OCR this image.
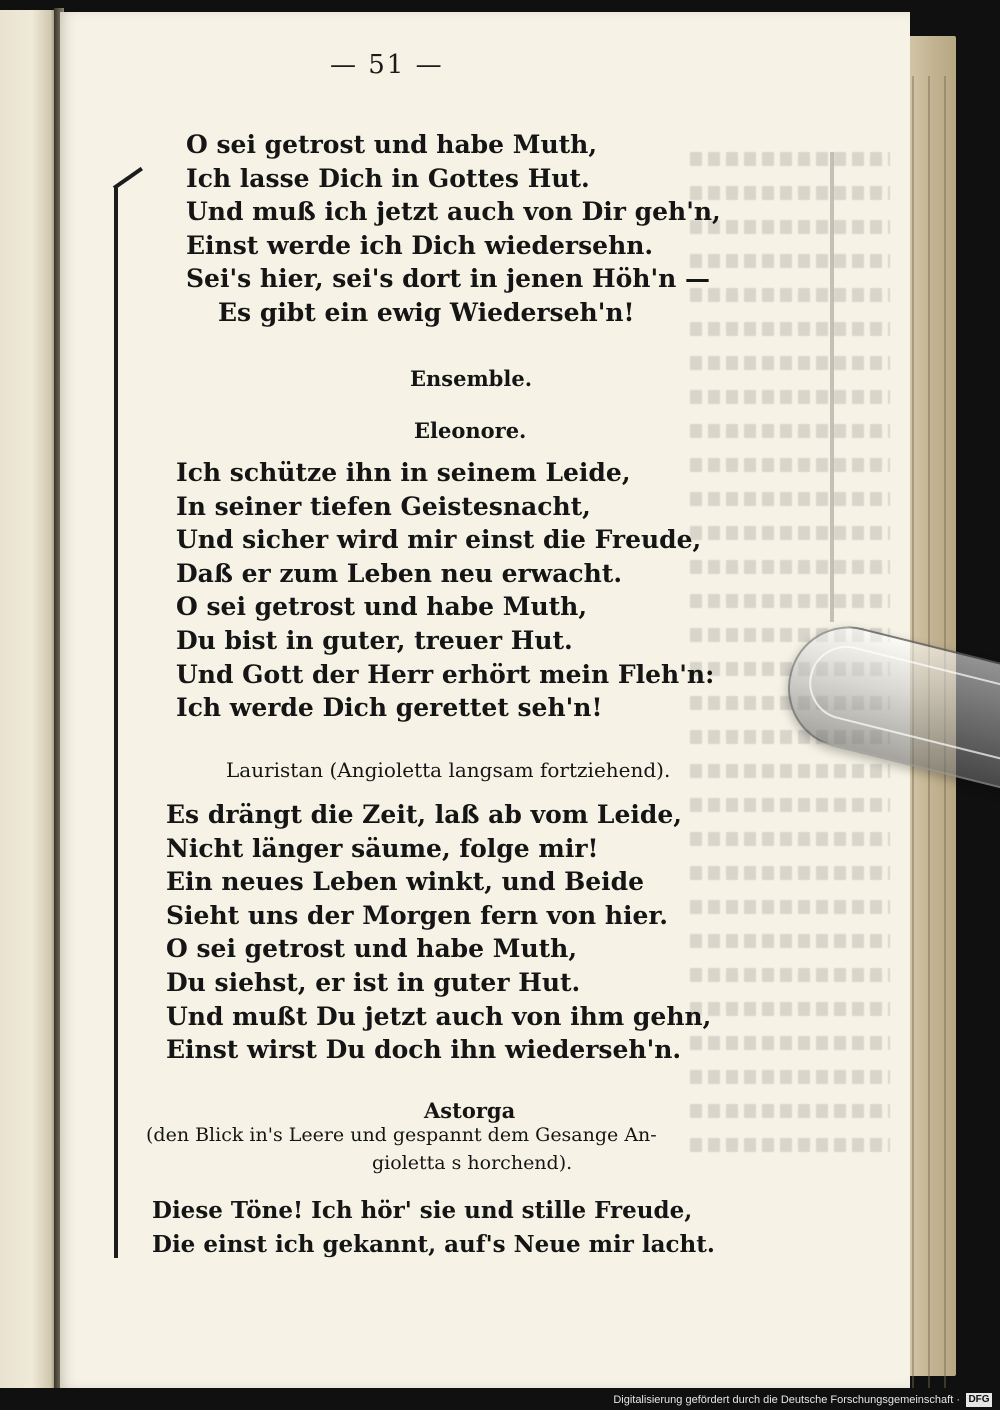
— 51 —
O sei getrost und habe Muth,
Ich lasse Dich in Gottes Hut.
Und muß ich jetzt auch von Dir geh'n,
Einst werde ich Dich wiedersehn.
Sei's hier, sei's dort in jenen Höh'n —
Es gibt ein ewig Wiederseh'n!
Ensemble.
Eleonore.
Ich schütze ihn in seinem Leide,
In seiner tiefen Geistesnacht,
Und sicher wird mir einst die Freude,
Daß er zum Leben neu erwacht.
O sei getrost und habe Muth,
Du bist in guter, treuer Hut.
Und Gott der Herr erhört mein Fleh'n:
Ich werde Dich gerettet seh'n!
Lauristan (Angioletta langsam fortziehend).
Es drängt die Zeit, laß ab vom Leide,
Nicht länger säume, folge mir!
Ein neues Leben winkt, und Beide
Sieht uns der Morgen fern von hier.
O sei getrost und habe Muth,
Du siehst, er ist in guter Hut.
Und mußt Du jetzt auch von ihm gehn,
Einst wirst Du doch ihn wiederseh'n.
Astorga
(den Blick in's Leere und gespannt dem Gesange An-
gioletta s horchend).
Diese Töne! Ich hör' sie und stille Freude,
Die einst ich gekannt, auf's Neue mir lacht.
Digitalisierung gefördert durch die Deutsche Forschungsgemeinschaft · DFG
